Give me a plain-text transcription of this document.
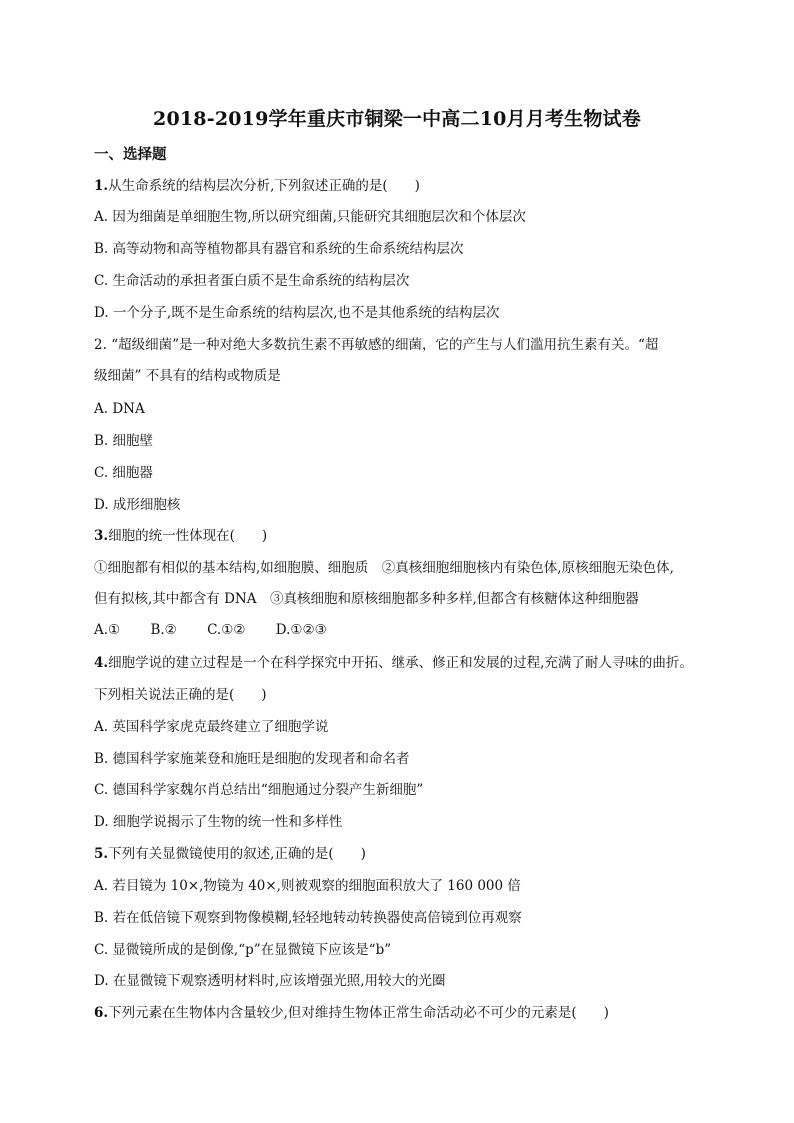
2018-2019学年重庆市铜梁一中高二10月月考生物试卷
一、选择题
1.从生命系统的结构层次分析,下列叙述正确的是(　　)
A. 因为细菌是单细胞生物,所以研究细菌,只能研究其细胞层次和个体层次
B. 高等动物和高等植物都具有器官和系统的生命系统结构层次
C. 生命活动的承担者蛋白质不是生命系统的结构层次
D. 一个分子,既不是生命系统的结构层次,也不是其他系统的结构层次
2. “超级细菌”是一种对绝大多数抗生素不再敏感的细菌，它的产生与人们滥用抗生素有关。“超
级细菌” 不具有的结构或物质是
A. DNA
B. 细胞壁
C. 细胞器
D. 成形细胞核
3.细胞的统一性体现在(　　)
①细胞都有相似的基本结构,如细胞膜、细胞质　②真核细胞细胞核内有染色体,原核细胞无染色体,
但有拟核,其中都含有 DNA　③真核细胞和原核细胞都多种多样,但都含有核糖体这种细胞器
A.① B.② C.①② D.①②③
4.细胞学说的建立过程是一个在科学探究中开拓、继承、修正和发展的过程,充满了耐人寻味的曲折。
下列相关说法正确的是(　　)
A. 英国科学家虎克最终建立了细胞学说
B. 德国科学家施莱登和施旺是细胞的发现者和命名者
C. 德国科学家魏尔肖总结出“细胞通过分裂产生新细胞”
D. 细胞学说揭示了生物的统一性和多样性
5.下列有关显微镜使用的叙述,正确的是(　　)
A. 若目镜为 10×,物镜为 40×,则被观察的细胞面积放大了 160 000 倍
B. 若在低倍镜下观察到物像模糊,轻轻地转动转换器使高倍镜到位再观察
C. 显微镜所成的是倒像,“p”在显微镜下应该是“b”
D. 在显微镜下观察透明材料时,应该增强光照,用较大的光圈
6.下列元素在生物体内含量较少,但对维持生物体正常生命活动必不可少的元素是(　　)
